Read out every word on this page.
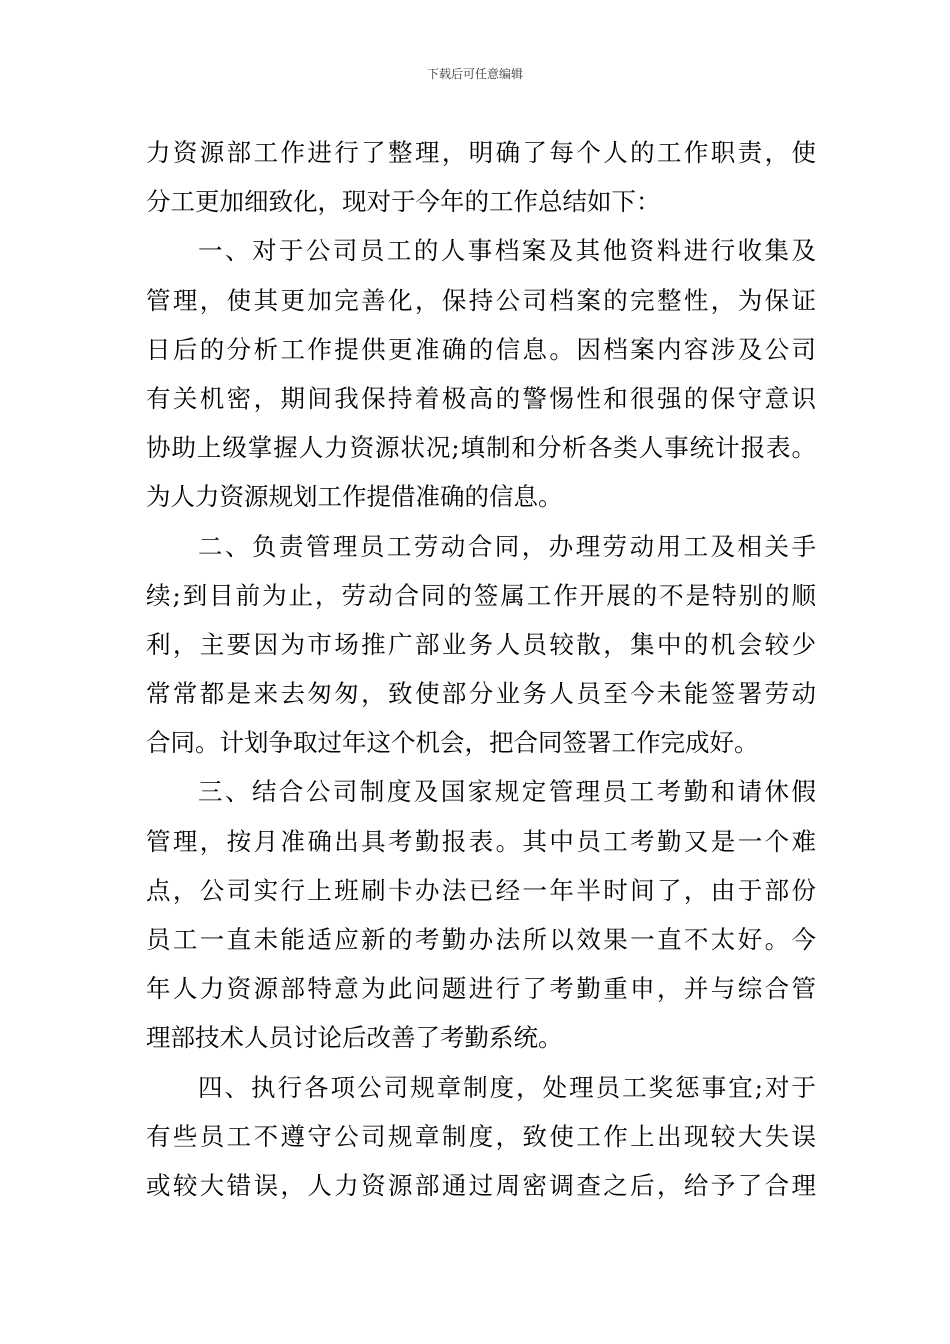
下载后可任意编辑
力资源部工作进行了整理，明确了每个人的工作职责，使
分工更加细致化，现对于今年的工作总结如下：
一、对于公司员工的人事档案及其他资料进行收集及
管理，使其更加完善化，保持公司档案的完整性，为保证
日后的分析工作提供更准确的信息。因档案内容涉及公司
有关机密，期间我保持着极高的警惕性和很强的保守意识
协助上级掌握人力资源状况;填制和分析各类人事统计报表。
为人力资源规划工作提借准确的信息。
二、负责管理员工劳动合同，办理劳动用工及相关手
续;到目前为止，劳动合同的签属工作开展的不是特别的顺
利，主要因为市场推广部业务人员较散，集中的机会较少
常常都是来去匆匆，致使部分业务人员至今未能签署劳动
合同。计划争取过年这个机会，把合同签署工作完成好。
三、结合公司制度及国家规定管理员工考勤和请休假
管理，按月准确出具考勤报表。其中员工考勤又是一个难
点，公司实行上班刷卡办法已经一年半时间了，由于部份
员工一直未能适应新的考勤办法所以效果一直不太好。今
年人力资源部特意为此问题进行了考勤重申，并与综合管
理部技术人员讨论后改善了考勤系统。
四、执行各项公司规章制度，处理员工奖惩事宜;对于
有些员工不遵守公司规章制度，致使工作上出现较大失误
或较大错误，人力资源部通过周密调查之后，给予了合理
